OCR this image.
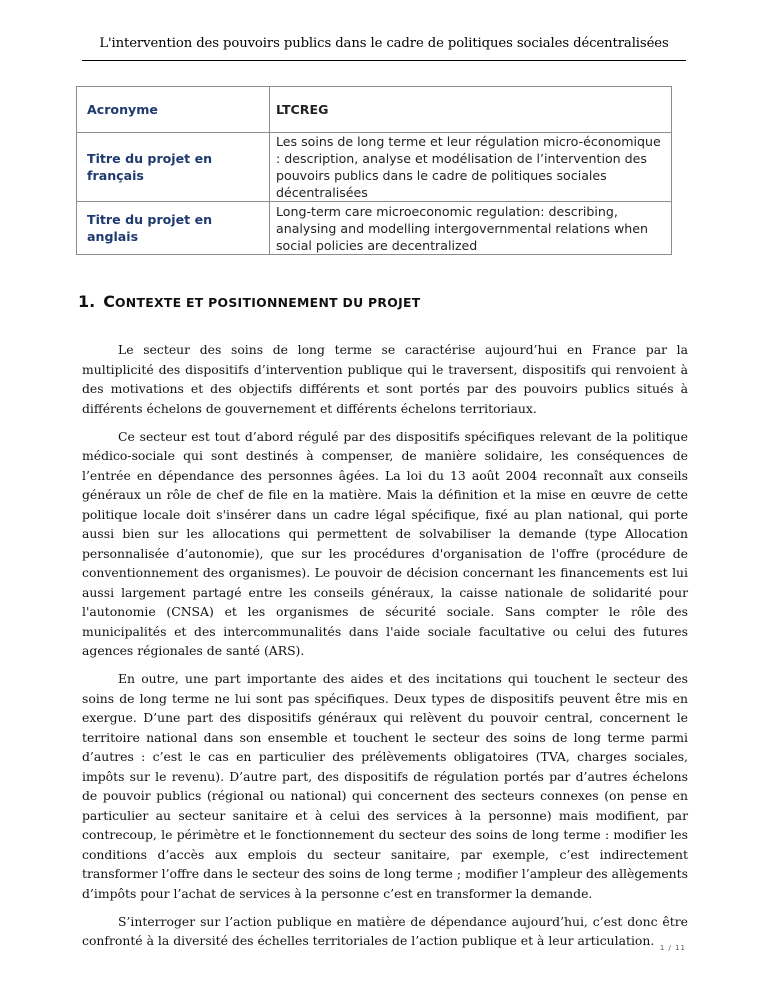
L'intervention des pouvoirs publics dans le cadre de politiques sociales décentralisées
Acronyme	LTCREG
Titre du projet en français	Les soins de long terme et leur régulation micro-économique : description, analyse et modélisation de l’intervention des pouvoirs publics dans le cadre de politiques sociales décentralisées
Titre du projet en anglais	Long-term care microeconomic regulation: describing, analysing and modelling intergovernmental relations when social policies are decentralized
1. CONTEXTE ET POSITIONNEMENT DU PROJET

Le secteur des soins de long terme se caractérise aujourd’hui en France par la multiplicité des dispositifs d’intervention publique qui le traversent, dispositifs qui renvoient à des motivations et des objectifs différents et sont portés par des pouvoirs publics situés à différents échelons de gouvernement et différents échelons territoriaux.

Ce secteur est tout d’abord régulé par des dispositifs spécifiques relevant de la politique médico-sociale qui sont destinés à compenser, de manière solidaire, les conséquences de l’entrée en dépendance des personnes âgées. La loi du 13 août 2004 reconnaît aux conseils généraux un rôle de chef de file en la matière. Mais la définition et la mise en œuvre de cette politique locale doit s'insérer dans un cadre légal spécifique, fixé au plan national, qui porte aussi bien sur les allocations qui permettent de solvabiliser la demande (type Allocation personnalisée d’autonomie), que sur les procédures d'organisation de l'offre (procédure de conventionnement des organismes). Le pouvoir de décision concernant les financements est lui aussi largement partagé entre les conseils généraux, la caisse nationale de solidarité pour l'autonomie (CNSA) et les organismes de sécurité sociale. Sans compter le rôle des municipalités et des intercommunalités dans l'aide sociale facultative ou celui des futures agences régionales de santé (ARS).

En outre, une part importante des aides et des incitations qui touchent le secteur des soins de long terme ne lui sont pas spécifiques. Deux types de dispositifs peuvent être mis en exergue. D’une part des dispositifs généraux qui relèvent du pouvoir central, concernent le territoire national dans son ensemble et touchent le secteur des soins de long terme parmi d’autres : c’est le cas en particulier des prélèvements obligatoires (TVA, charges sociales, impôts sur le revenu). D’autre part, des dispositifs de régulation portés par d’autres échelons de pouvoir publics (régional ou national) qui concernent des secteurs connexes (on pense en particulier au secteur sanitaire et à celui des services à la personne) mais modifient, par contrecoup, le périmètre et le fonctionnement du secteur des soins de long terme : modifier les conditions d’accès aux emplois du secteur sanitaire, par exemple, c’est indirectement transformer l’offre dans le secteur des soins de long terme ; modifier l’ampleur des allègements d’impôts pour l’achat de services à la personne c’est en transformer la demande.

S’interroger sur l’action publique en matière de dépendance aujourd’hui, c’est donc être confronté à la diversité des échelles territoriales de l’action publique et à leur articulation. 1 / 11
